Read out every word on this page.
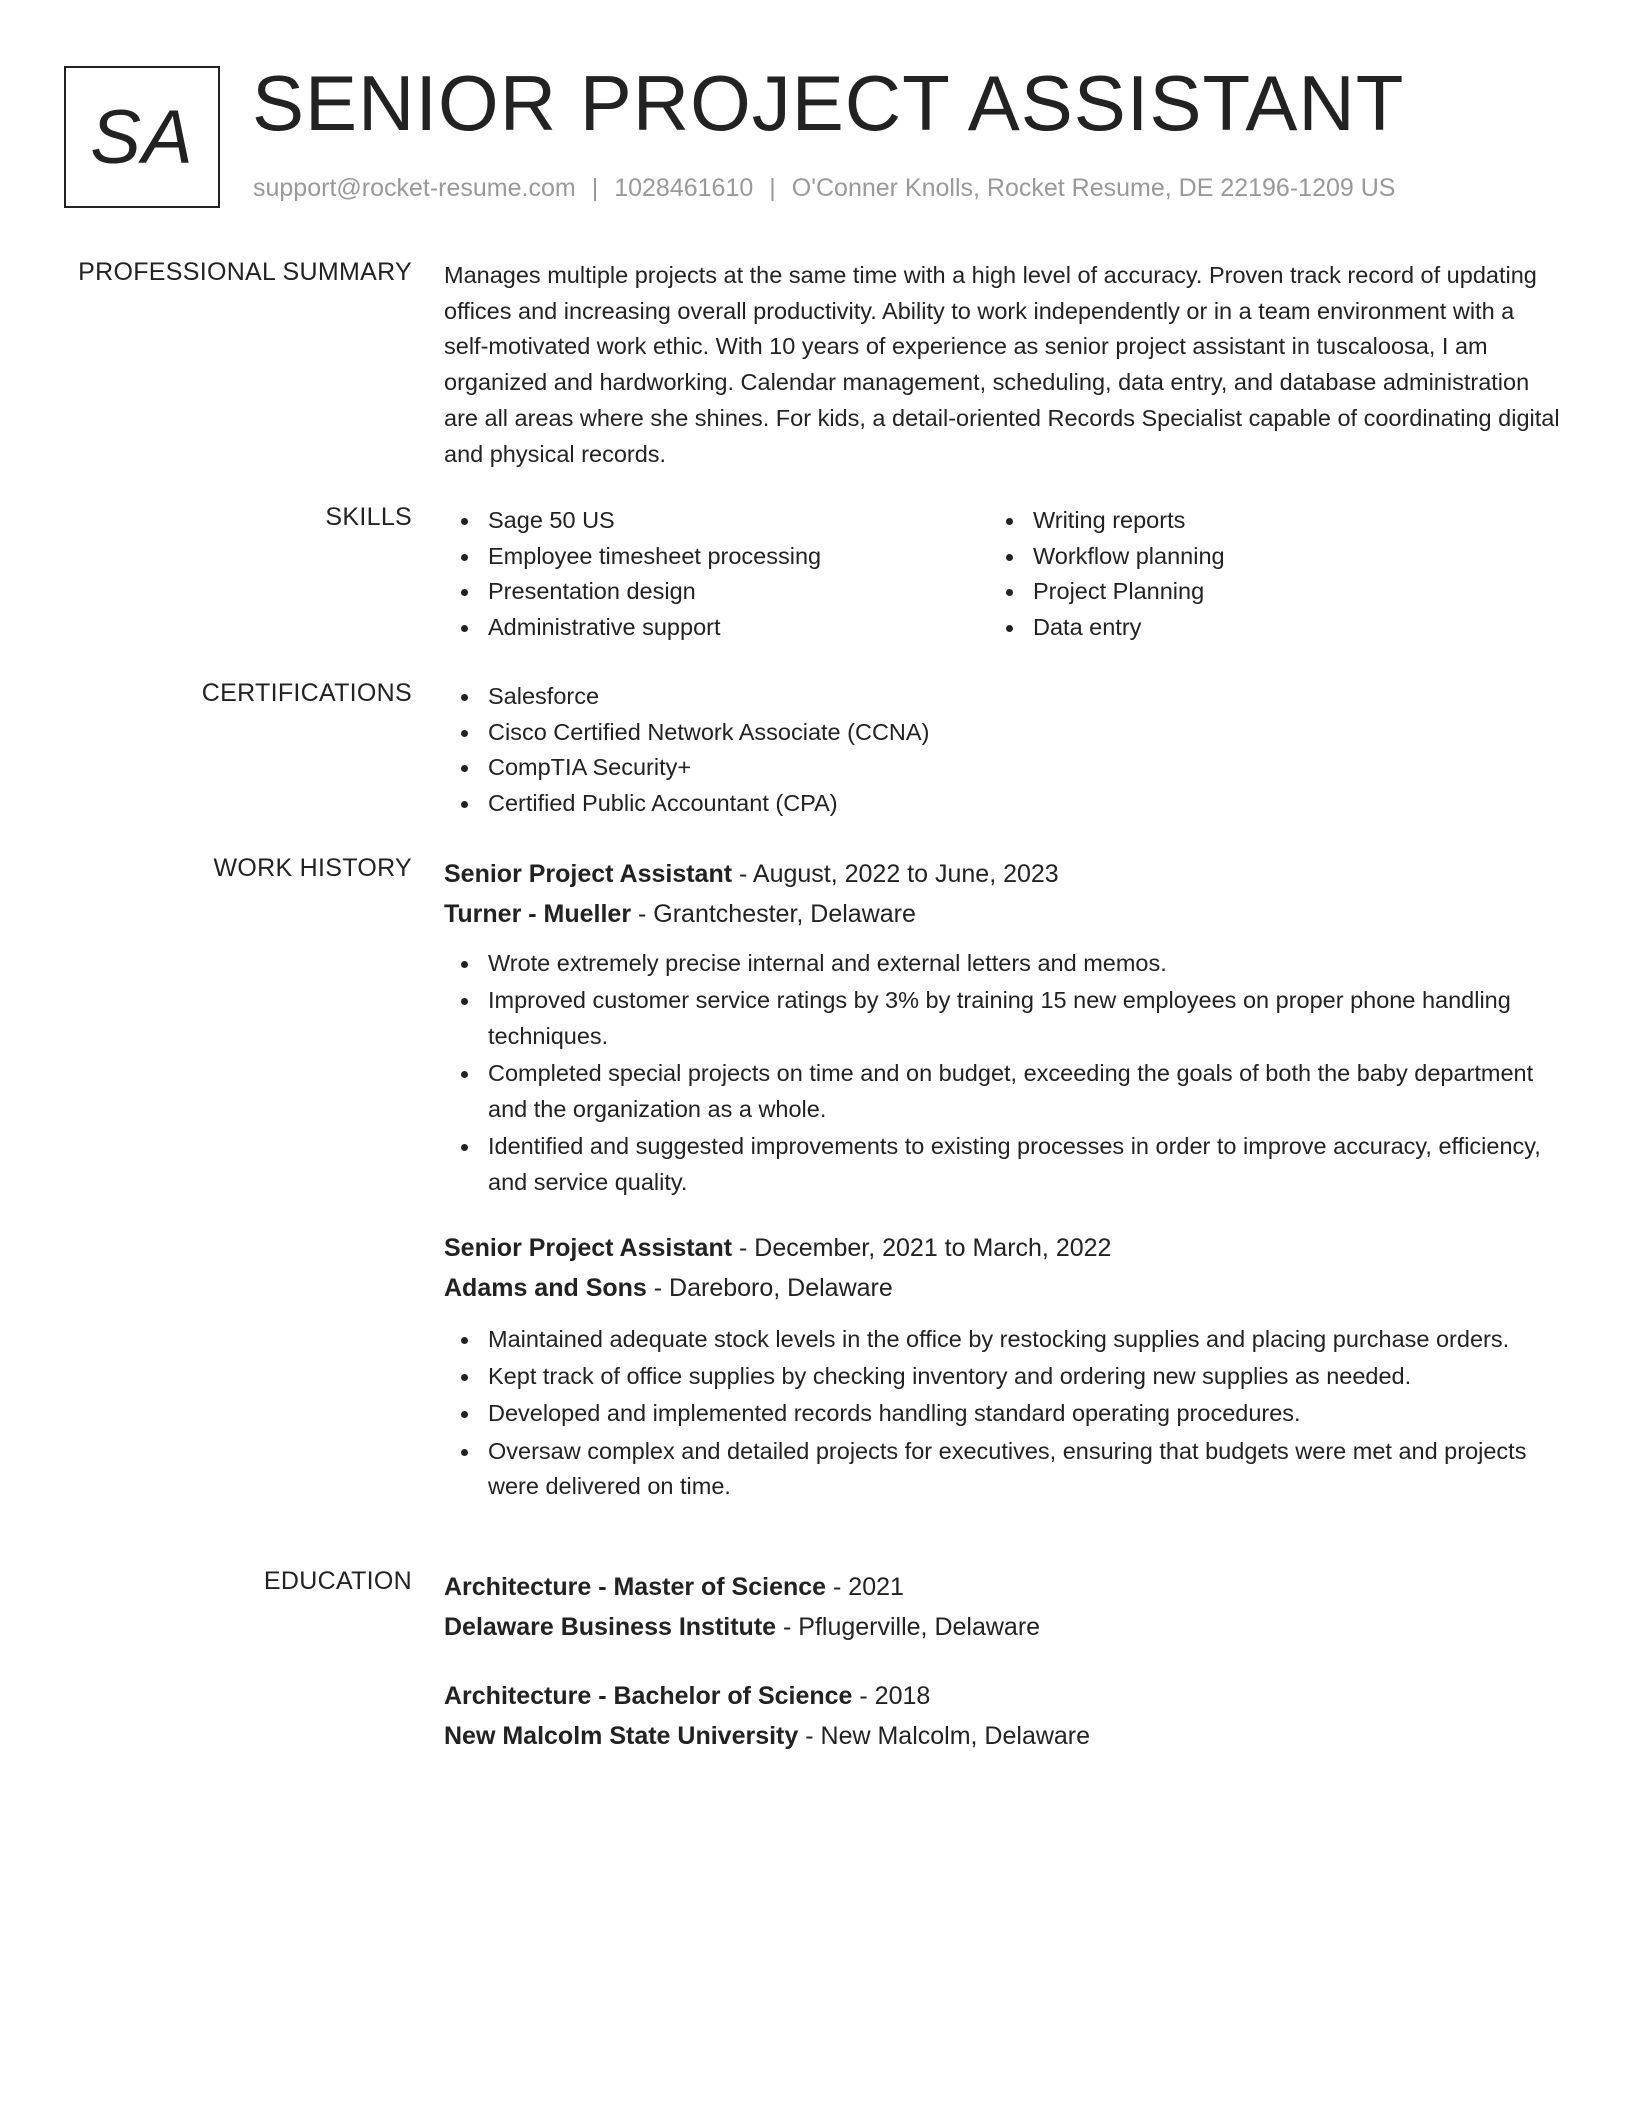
SA SENIOR PROJECT ASSISTANT
support@rocket-resume.com | 1028461610 | O'Conner Knolls, Rocket Resume, DE 22196-1209 US
PROFESSIONAL SUMMARY Manages multiple projects at the same time with a high level of accuracy. Proven track record of updating offices and increasing overall productivity. Ability to work independently or in a team environment with a self-motivated work ethic. With 10 years of experience as senior project assistant in tuscaloosa, I am organized and hardworking. Calendar management, scheduling, data entry, and database administration are all areas where she shines. For kids, a detail-oriented Records Specialist capable of coordinating digital and physical records.
SKILLS	Sage 50 US
Employee timesheet processing
Presentation design
Administrative support
Writing reports
Workflow planning
Project Planning
Data entry
CERTIFICATIONS	Salesforce
Cisco Certified Network Associate (CCNA)
CompTIA Security+
Certified Public Accountant (CPA)
WORK HISTORY Senior Project Assistant - August, 2022 to June, 2023
Turner - Mueller - Grantchester, Delaware
Wrote extremely precise internal and external letters and memos.
Improved customer service ratings by 3% by training 15 new employees on proper phone handling techniques.
Completed special projects on time and on budget, exceeding the goals of both the baby department and the organization as a whole.
Identified and suggested improvements to existing processes in order to improve accuracy, efficiency, and service quality.
Senior Project Assistant - December, 2021 to March, 2022
Adams and Sons - Dareboro, Delaware
Maintained adequate stock levels in the office by restocking supplies and placing purchase orders.
Kept track of office supplies by checking inventory and ordering new supplies as needed.
Developed and implemented records handling standard operating procedures.
Oversaw complex and detailed projects for executives, ensuring that budgets were met and projects were delivered on time.
EDUCATION Architecture - Master of Science - 2021
Delaware Business Institute - Pflugerville, Delaware
Architecture - Bachelor of Science - 2018
New Malcolm State University - New Malcolm, Delaware
